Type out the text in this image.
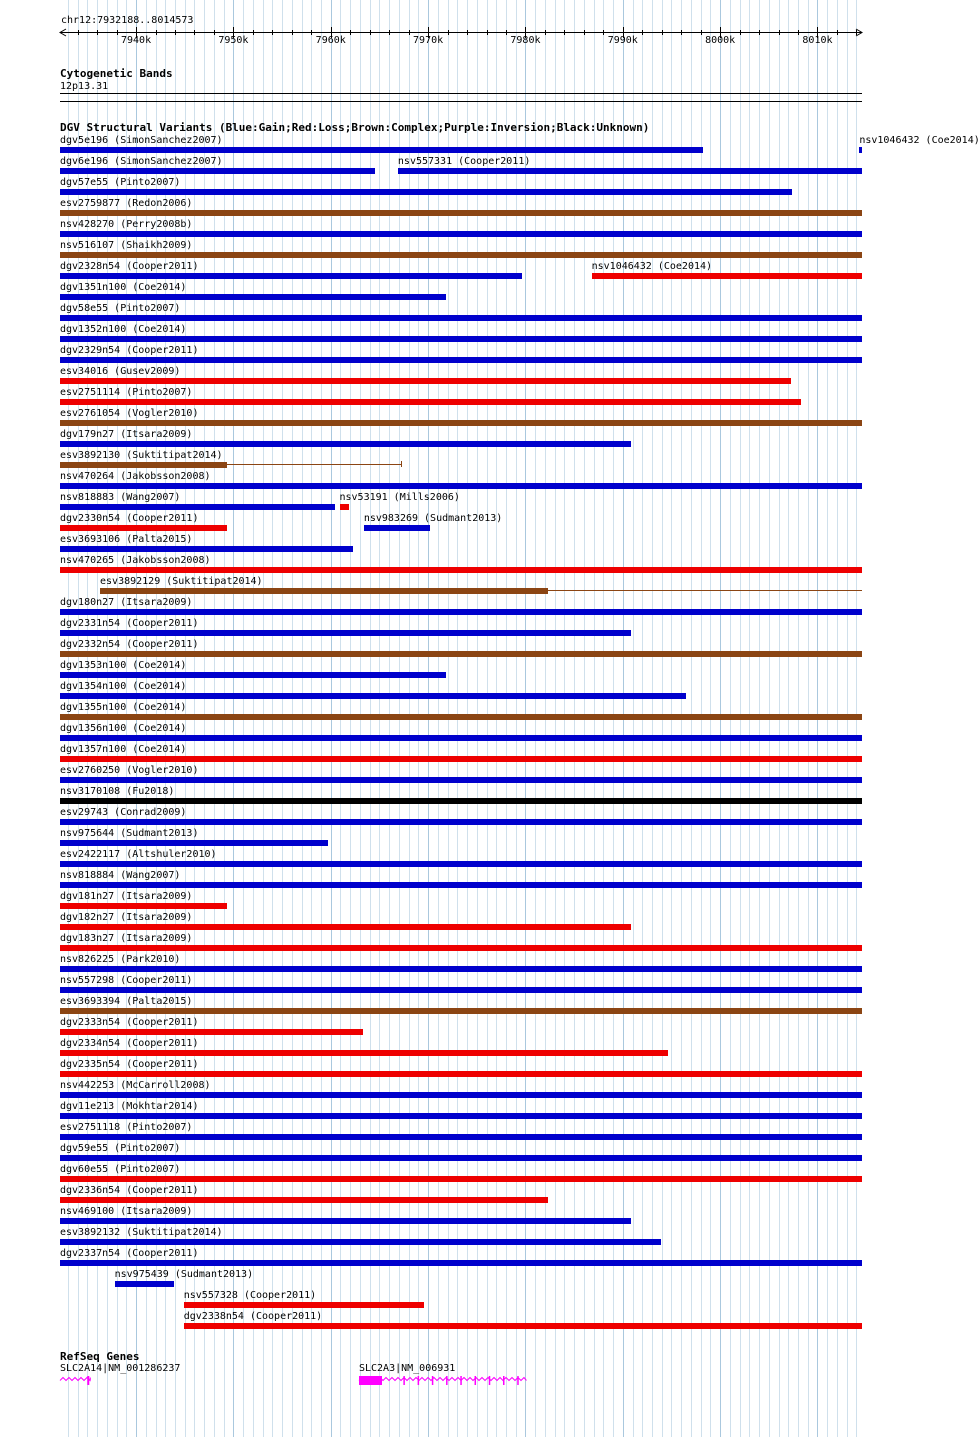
chr12:7932188..8014573
Cytogenetic Bands
12p13.31
DGV Structural Variants (Blue:Gain;Red:Loss;Brown:Complex;Purple:Inversion;Black:Unknown)
dgv5e196 (SimonSanchez2007)	nsv1046432 (Coe2014)
dgv6e196 (SimonSanchez2007)	nsv557331 (Cooper2011)
dgv57e55 (Pinto2007)
esv2759877 (Redon2006)
nsv428270 (Perry2008b)
nsv516107 (Shaikh2009)
dgv2328n54 (Cooper2011)	nsv1046432 (Coe2014)
dgv1351n100 (Coe2014)
dgv58e55 (Pinto2007)
dgv1352n100 (Coe2014)
dgv2329n54 (Cooper2011)
esv34016 (Gusev2009)
esv2751114 (Pinto2007)
esv2761054 (Vogler2010)
dgv179n27 (Itsara2009)
esv3892130 (Suktitipat2014)
nsv470264 (Jakobsson2008)
nsv818883 (Wang2007)	nsv53191 (Mills2006)
dgv2330n54 (Cooper2011)	nsv983269 (Sudmant2013)
esv3693106 (Palta2015)
nsv470265 (Jakobsson2008)
esv3892129 (Suktitipat2014)
dgv180n27 (Itsara2009)
dgv2331n54 (Cooper2011)
dgv2332n54 (Cooper2011)
dgv1353n100 (Coe2014)
dgv1354n100 (Coe2014)
dgv1355n100 (Coe2014)
dgv1356n100 (Coe2014)
dgv1357n100 (Coe2014)
esv2760250 (Vogler2010)
nsv3170108 (Fu2018)
esv29743 (Conrad2009)
nsv975644 (Sudmant2013)
esv2422117 (Altshuler2010)
nsv818884 (Wang2007)
dgv181n27 (Itsara2009)
dgv182n27 (Itsara2009)
dgv183n27 (Itsara2009)
nsv826225 (Park2010)
nsv557298 (Cooper2011)
esv3693394 (Palta2015)
dgv2333n54 (Cooper2011)
dgv2334n54 (Cooper2011)
dgv2335n54 (Cooper2011)
nsv442253 (McCarroll2008)
dgv11e213 (Mokhtar2014)
esv2751118 (Pinto2007)
dgv59e55 (Pinto2007)
dgv60e55 (Pinto2007)
dgv2336n54 (Cooper2011)
nsv469100 (Itsara2009)
esv3892132 (Suktitipat2014)
dgv2337n54 (Cooper2011)
nsv975439 (Sudmant2013)
nsv557328 (Cooper2011)
dgv2338n54 (Cooper2011)
RefSeq Genes
SLC2A14|NM_001286237	SLC2A3|NM_006931
7940k	7950k	7960k	7970k	7980k	7990k	8000k	8010k
